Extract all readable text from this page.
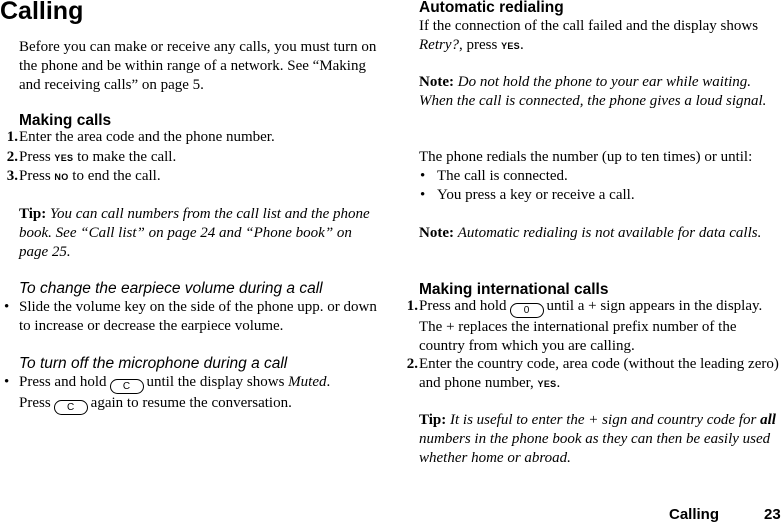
Calling
Before you can make or receive any calls, you must turn on the phone and be within range of a network. See “Making and receiving calls” on page 5.
Making calls
1. Enter the area code and the phone number.
2. Press YES to make the call.
3. Press NO to end the call.
Tip: You can call numbers from the call list and the phone book. See “Call list” on page 24 and “Phone book” on page 25.
To change the earpiece volume during a call
• Slide the volume key on the side of the phone upp. or down to increase or decrease the earpiece volume.
To turn off the microphone during a call
• Press and hold C until the display shows Muted.
Press C again to resume the conversation.
Automatic redialing
If the connection of the call failed and the display shows Retry?, press YES.
Note: Do not hold the phone to your ear while waiting. When the call is connected, the phone gives a loud signal.
The phone redials the number (up to ten times) or until:
• The call is connected.
• You press a key or receive a call.
Note: Automatic redialing is not available for data calls.
Making international calls
1. Press and hold 0 until a + sign appears in the display.
The + replaces the international prefix number of the country from which you are calling.
2. Enter the country code, area code (without the leading zero) and phone number, YES.
Tip: It is useful to enter the + sign and country code for all numbers in the phone book as they can then be easily used whether home or abroad.
Calling	23
